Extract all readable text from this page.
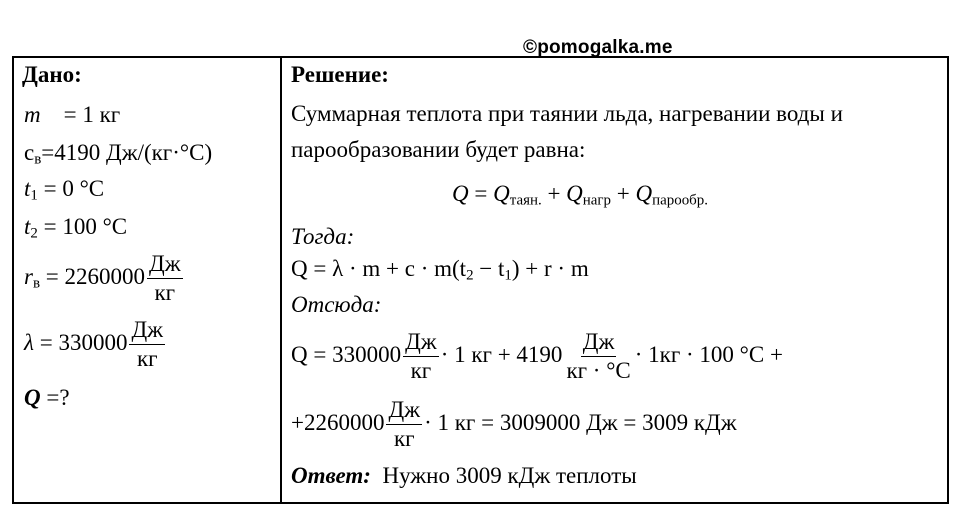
©pomogalka.me

Дано:
m = 1 кг
$c_в=4190$ Дж/(кг·°С)
$t_1 = 0$ °C
$t_2 = 100$ °C
$r_в = 2260000 \frac{Дж}{кг}$
$\lambda = 330000 \frac{Дж}{кг}$
Q =?
Решение:
Суммарная теплота при таянии льда, нагревании воды и
парообразовании будет равна:
$Q = Q_{таян.} + Q_{нагр} + Q_{парообр.}$
Тогда:
$Q = \lambda \cdot m + c \cdot m(t_2 - t_1) + r \cdot m$
Отсюда:
$Q = 330000 \frac{Дж}{кг} \cdot 1$ кг + $4190 \frac{Дж}{кг \cdot ^\circ С} \cdot 1кг \cdot 100$ °C +
$+2260000 \frac{Дж}{кг} \cdot 1$ кг = 3009000 Дж = 3009 кДж
Ответ: Нужно 3009 кДж теплоты
